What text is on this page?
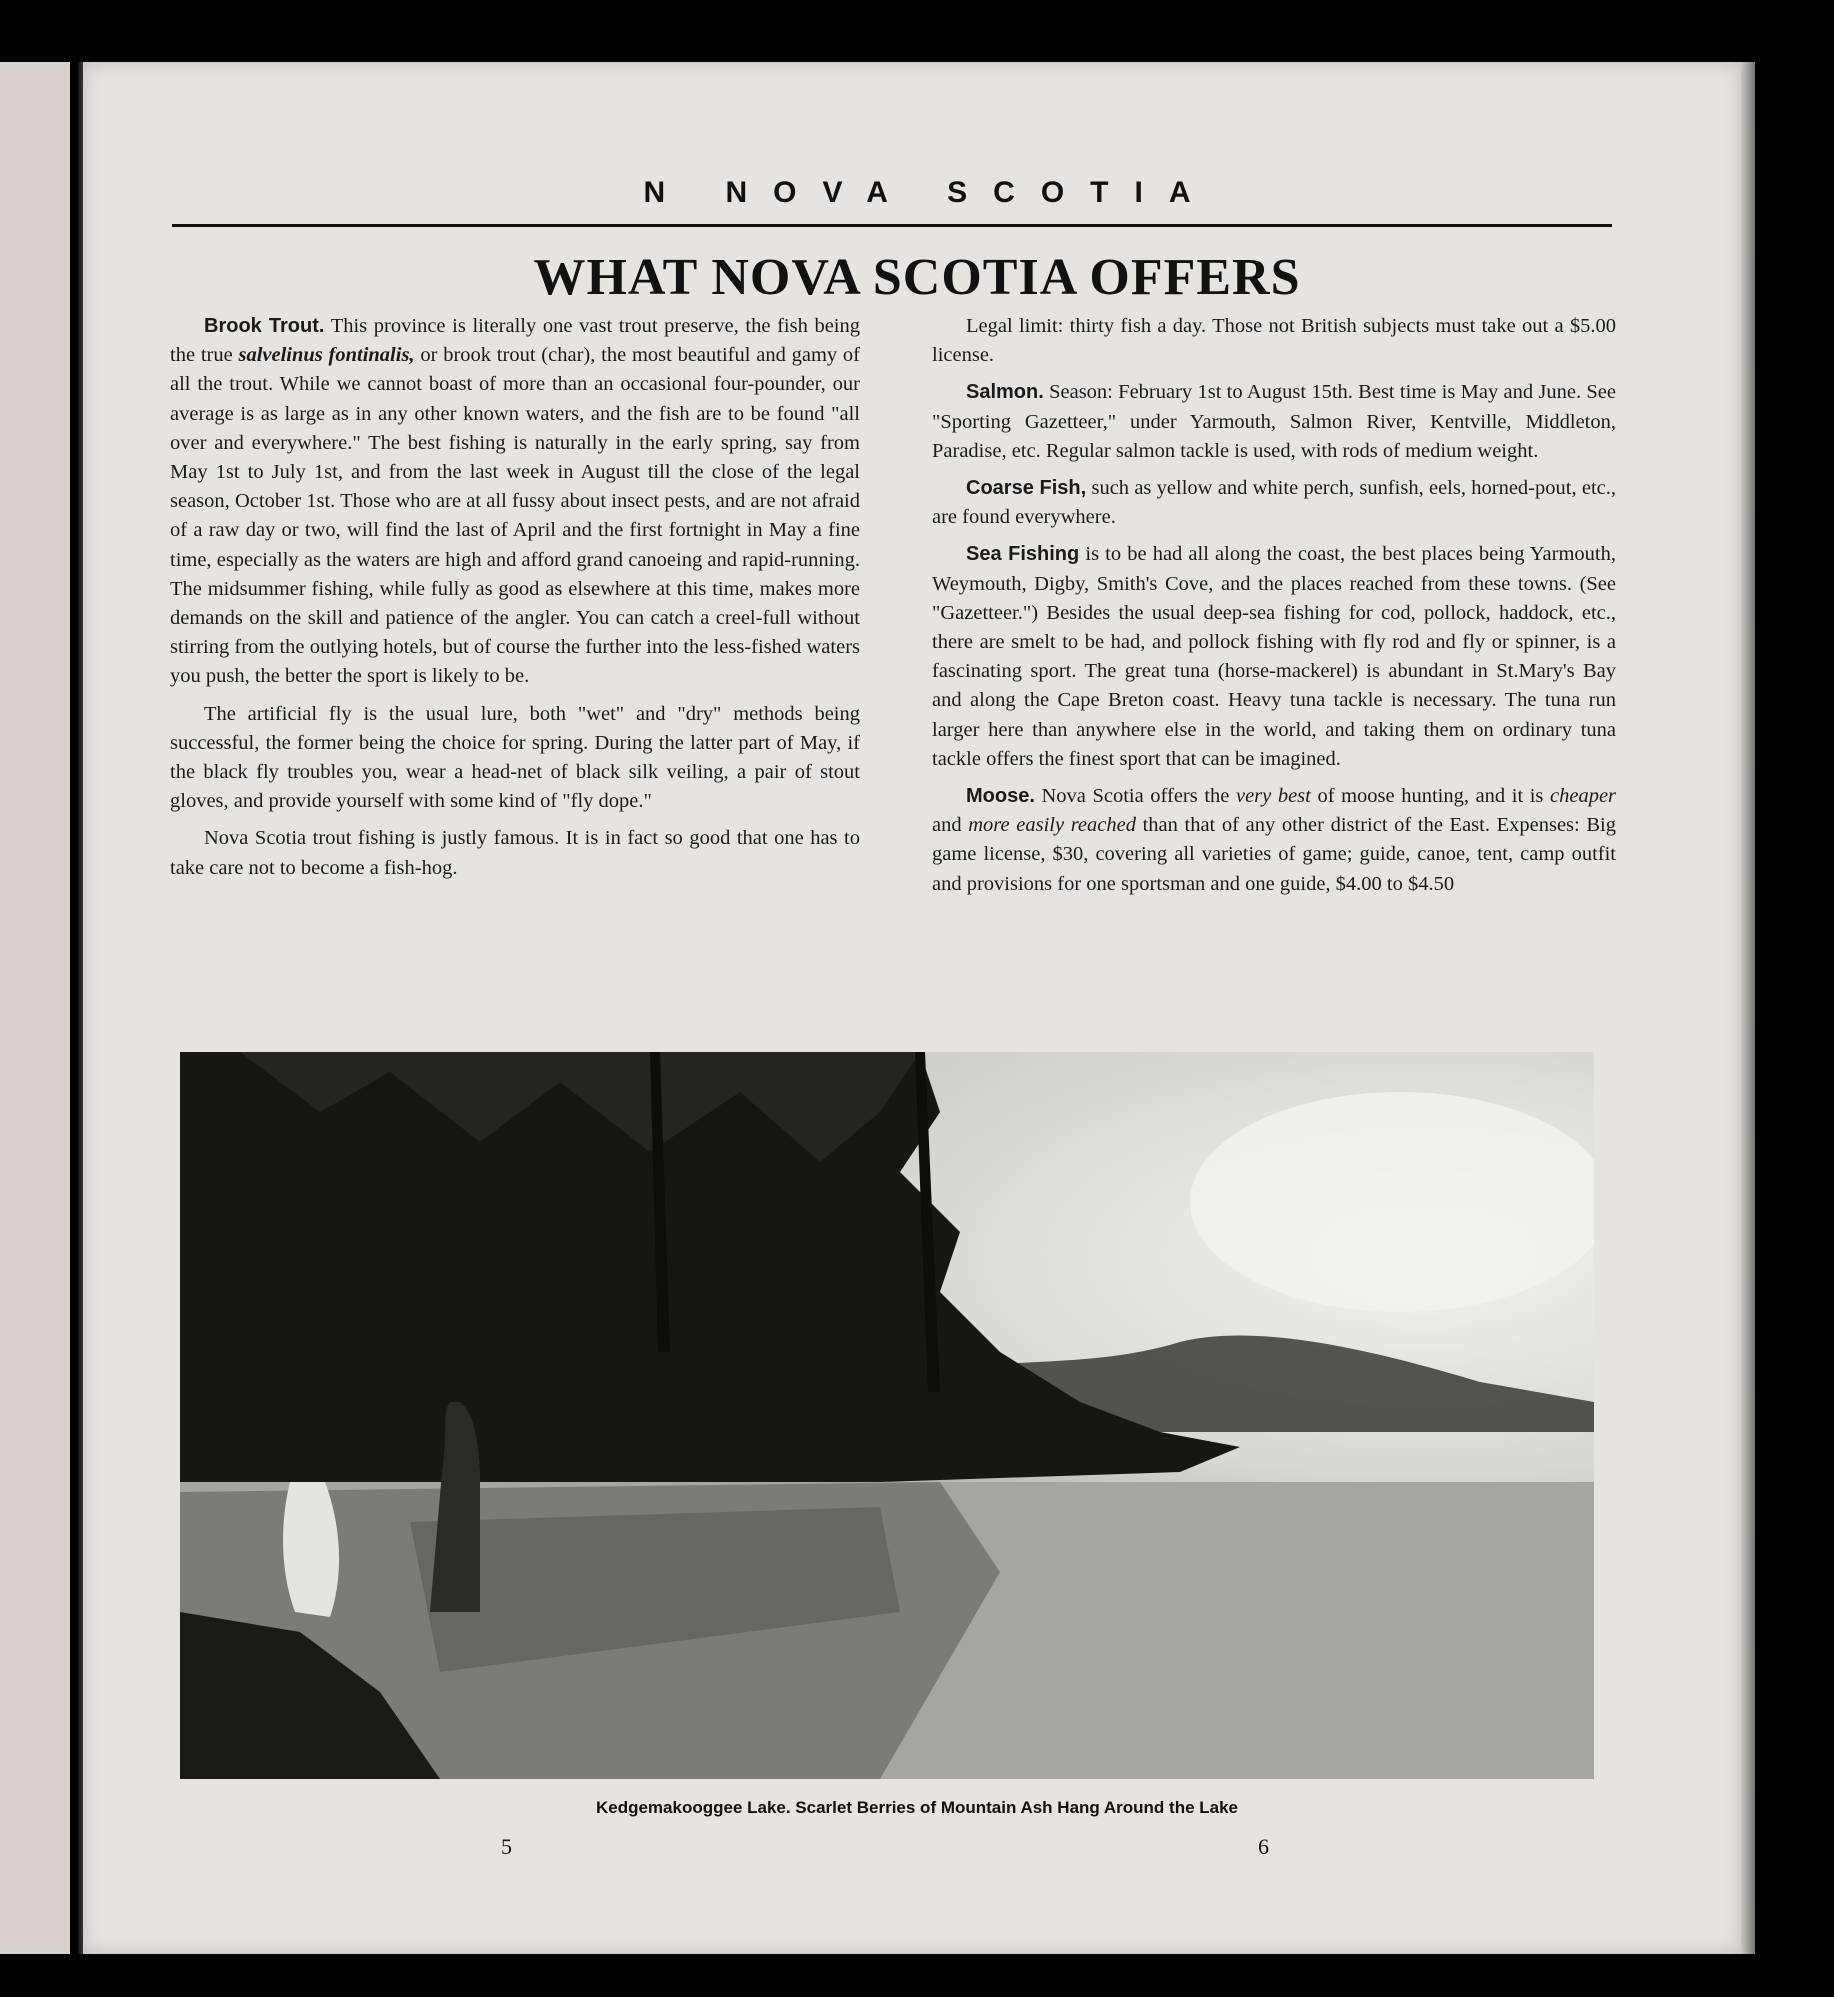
N NOVA SCOTIA
WHAT NOVA SCOTIA OFFERS

Brook Trout. This province is literally one vast trout preserve, the fish being the true salvelinus fontinalis, or brook trout (char), the most beautiful and gamy of all the trout. While we cannot boast of more than an occasional four-pounder, our average is as large as in any other known waters, and the fish are to be found "all over and everywhere." The best fishing is naturally in the early spring, say from May 1st to July 1st, and from the last week in August till the close of the legal season, October 1st. Those who are at all fussy about insect pests, and are not afraid of a raw day or two, will find the last of April and the first fortnight in May a fine time, especially as the waters are high and afford grand canoeing and rapid-running. The midsummer fishing, while fully as good as elsewhere at this time, makes more demands on the skill and patience of the angler. You can catch a creel-full without stirring from the outlying hotels, but of course the further into the less-fished waters you push, the better the sport is likely to be.

The artificial fly is the usual lure, both "wet" and "dry" methods being successful, the former being the choice for spring. During the latter part of May, if the black fly troubles you, wear a head-net of black silk veiling, a pair of stout gloves, and provide yourself with some kind of "fly dope."

Nova Scotia trout fishing is justly famous. It is in fact so good that one has to take care not to become a fish-hog.

Legal limit: thirty fish a day. Those not British subjects must take out a $5.00 license.

Salmon. Season: February 1st to August 15th. Best time is May and June. See "Sporting Gazetteer," under Yarmouth, Salmon River, Kentville, Middleton, Paradise, etc. Regular salmon tackle is used, with rods of medium weight.

Coarse Fish, such as yellow and white perch, sunfish, eels, horned-pout, etc., are found everywhere.

Sea Fishing is to be had all along the coast, the best places being Yarmouth, Weymouth, Digby, Smith's Cove, and the places reached from these towns. (See "Gazetteer.") Besides the usual deep-sea fishing for cod, pollock, haddock, etc., there are smelt to be had, and pollock fishing with fly rod and fly or spinner, is a fascinating sport. The great tuna (horse-mackerel) is abundant in St.Mary's Bay and along the Cape Breton coast. Heavy tuna tackle is necessary. The tuna run larger here than anywhere else in the world, and taking them on ordinary tuna tackle offers the finest sport that can be imagined.

Moose. Nova Scotia offers the very best of moose hunting, and it is cheaper and more easily reached than that of any other district of the East. Expenses: Big game license, $30, covering all varieties of game; guide, canoe, tent, camp outfit and provisions for one sportsman and one guide, $4.00 to $4.50

Kedgemakooggee Lake. Scarlet Berries of Mountain Ash Hang Around the Lake
5	6
